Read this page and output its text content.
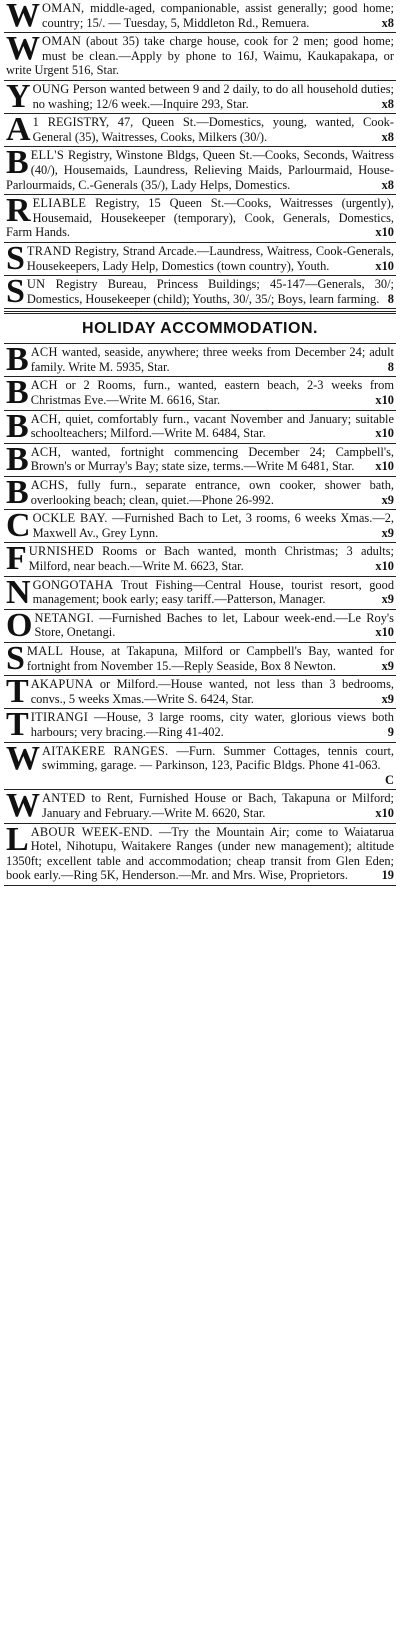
WOMAN, middle-aged, companionable, assist generally; good home; country; 15/. — Tuesday, 5, Middleton Rd., Remuera.	x8
WOMAN (about 35) take charge house, cook for 2 men; good home; must be clean.—Apply by phone to 16J, Waimu, Kaukapakapa, or write Urgent 516, Star.
YOUNG Person wanted between 9 and 2 daily, to do all household duties; no washing; 12/6 week.—Inquire 293, Star.	x8
A 1 REGISTRY, 47, Queen St.—Domestics, young, wanted, Cook-General (35), Waitresses, Cooks, Milkers (30/).	x8
BELL'S Registry, Winstone Bldgs, Queen St.—Cooks, Seconds, Waitress (40/), Housemaids, Laundress, Relieving Maids, Parlourmaid, House-Parlourmaids, C.-Generals (35/), Lady Helps, Domestics.	x8
RELIABLE Registry, 15 Queen St.—Cooks, Waitresses (urgently), Housemaid, Housekeeper (temporary), Cook, Generals, Domestics, Farm Hands.	x10
STRAND Registry, Strand Arcade.—Laundress, Waitress, Cook-Generals, Housekeepers, Lady Help, Domestics (town country), Youth.	x10
SUN Registry Bureau, Princess Buildings; 45-147—Generals, 30/; Domestics, Housekeeper (child); Youths, 30/, 35/; Boys, learn farming. 8
HOLIDAY ACCOMMODATION.
BACH wanted, seaside, anywhere; three weeks from December 24; adult family. Write M. 5935, Star.	8
BACH or 2 Rooms, furn., wanted, eastern beach, 2-3 weeks from Christmas Eve.—Write M. 6616, Star.	x10
BACH, quiet, comfortably furn., vacant November and January; suitable schoolteachers; Milford.—Write M. 6484, Star.	x10
BACH, wanted, fortnight commencing December 24; Campbell's, Brown's or Murray's Bay; state size, terms.—Write M 6481, Star. x10
BACHS, fully furn., separate entrance, own cooker, shower bath, overlooking beach; clean, quiet.—Phone 26-992.	x9
COCKLE BAY. —Furnished Bach to Let, 3 rooms, 6 weeks Xmas.—2, Maxwell Av., Grey Lynn.	x9
FURNISHED Rooms or Bach wanted, month Christmas; 3 adults; Milford, near beach.—Write M. 6623, Star.	x10
NGONGOTAHA Trout Fishing—Central House, tourist resort, good management; book early; easy tariff.—Patterson, Manager.	x9
ONETANGI. —Furnished Baches to let, Labour week-end.—Le Roy's Store, Onetangi.	x10
SMALL House, at Takapuna, Milford or Campbell's Bay, wanted for fortnight from November 15.—Reply Seaside, Box 8 Newton.	x9
TAKAPUNA or Milford.—House wanted, not less than 3 bedrooms, convs., 5 weeks Xmas.—Write S. 6424, Star.	x9
TITIRANGI —House, 3 large rooms, city water, glorious views both harbours; very bracing.—Ring 41-402.	9
WAITAKERE RANGES. —Furn. Summer Cottages, tennis court, swimming, garage. — Parkinson, 123, Pacific Bldgs. Phone 41-063.
C
WANTED to Rent, Furnished House or Bach, Takapuna or Milford; January and February.—Write M. 6620, Star.	x10
LABOUR WEEK-END. —Try the Mountain Air; come to Waiatarua Hotel, Nihotupu, Waitakere Ranges (under new management); altitude 1350ft; excellent table and accommodation; cheap transit from Glen Eden; book early.—Ring 5K, Henderson.—Mr. and Mrs. Wise, Proprietors.	19
